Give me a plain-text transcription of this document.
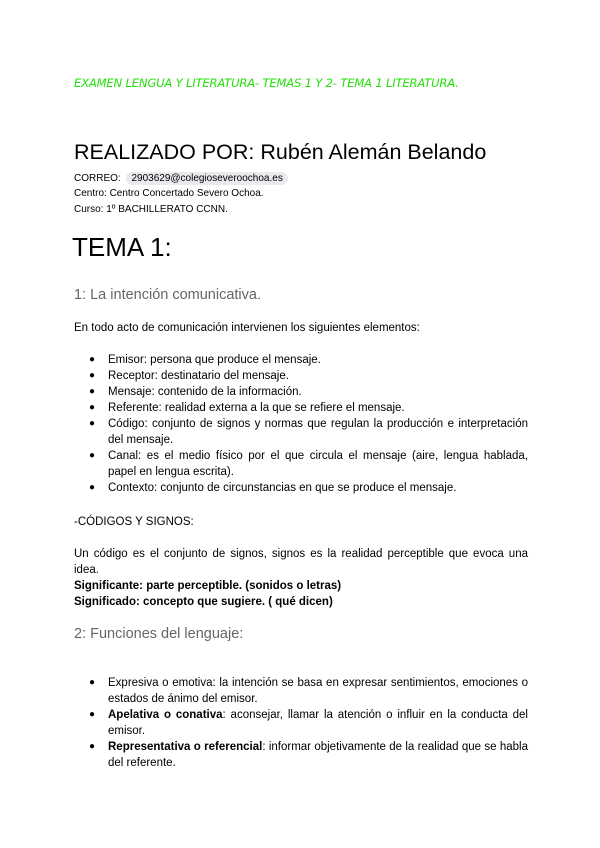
EXAMEN LENGUA Y LITERATURA- TEMAS 1 Y 2- TEMA 1 LITERATURA.
REALIZADO POR: Rubén Alemán Belando
CORREO: 2903629@colegioseveroochoa.es
Centro: Centro Concertado Severo Ochoa.
Curso: 1º BACHILLERATO CCNN.
TEMA 1:
1: La intención comunicativa.
En todo acto de comunicación intervienen los siguientes elementos:
● Emisor: persona que produce el mensaje.
● Receptor: destinatario del mensaje.
● Mensaje: contenido de la información.
● Referente: realidad externa a la que se refiere el mensaje.
● Código: conjunto de signos y normas que regulan la producción e interpretación del mensaje.
● Canal: es el medio físico por el que circula el mensaje (aire, lengua hablada, papel en lengua escrita).
● Contexto: conjunto de circunstancias en que se produce el mensaje.
-CÓDIGOS Y SIGNOS:
Un código es el conjunto de signos, signos es la realidad perceptible que evoca una idea.
Significante: parte perceptible. (sonidos o letras)
Significado: concepto que sugiere. ( qué dicen)
2: Funciones del lenguaje:
● Expresiva o emotiva: la intención se basa en expresar sentimientos, emociones o estados de ánimo del emisor.
● Apelativa o conativa: aconsejar, llamar la atención o influir en la conducta del emisor.
● Representativa o referencial: informar objetivamente de la realidad que se habla del referente.
